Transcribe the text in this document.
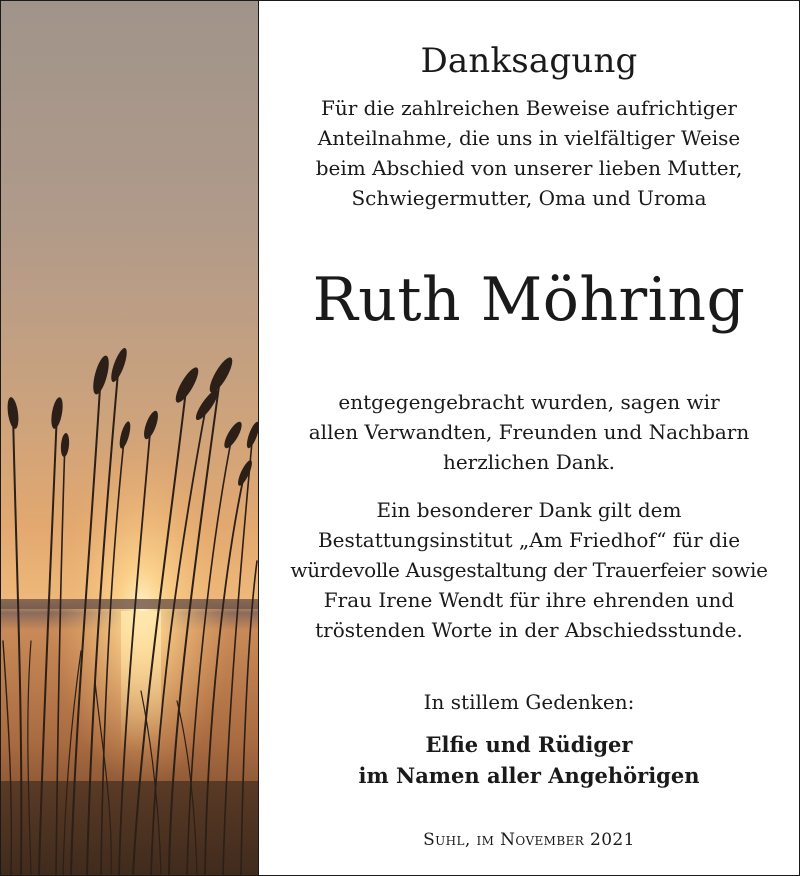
Danksagung

Für die zahlreichen Beweise aufrichtiger
Anteilnahme, die uns in vielfältiger Weise
beim Abschied von unserer lieben Mutter,
Schwiegermutter, Oma und Uroma

Ruth Möhring

entgegengebracht wurden, sagen wir
allen Verwandten, Freunden und Nachbarn
herzlichen Dank.

Ein besonderer Dank gilt dem
Bestattungsinstitut „Am Friedhof“ für die
würdevolle Ausgestaltung der Trauerfeier sowie
Frau Irene Wendt für ihre ehrenden und
tröstenden Worte in der Abschiedsstunde.

In stillem Gedenken:

Elfie und Rüdiger
im Namen aller Angehörigen

Suhl, im November 2021
